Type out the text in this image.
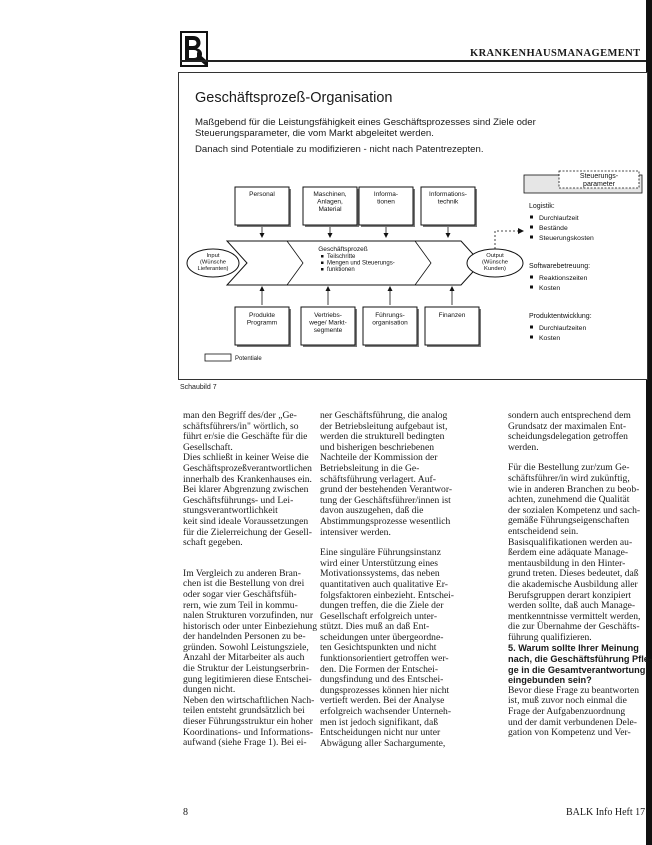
KRANKENHAUSMANAGEMENT
Geschäftsprozeß-Organisation
Maßgebend für die Leistungsfähigkeit eines Geschäftsprozesses sind Ziele oder
Steuerungsparameter, die vom Markt abgeleitet werden.
Danach sind Potentiale zu modifizieren - nicht nach Patentrezepten.
Personal	Maschinen,
Anlagen,
Material
Informa-
tionen
Informations-
technik
Produkte
Programm
Vertriebs-
wege/ Markt-
segmente
Führungs-
organisation
Finanzen
Geschäftsprozeß
Teilschritte
Mengen und Steuerungs-
funktionen
Input
(Wünsche
Lieferanten)
Output
(Wünsche
Kunden)
Potentiale
Steuerungs-
parameter
Logistik:
Durchlaufzeit
Bestände
Steuerungskosten
Softwarebetreuung:
Reaktionszeiten
Kosten
Produktentwicklung:
Durchlaufzeiten
Kosten
Schaubild 7

man den Begriff des/der „Ge-

schäftsführers/in" wörtlich, so

führt er/sie die Geschäfte für die

Gesellschaft.

Dies schließt in keiner Weise die

Geschäftsprozeßverantwortlichen

innerhalb des Krankenhauses ein.

Bei klarer Abgrenzung zwischen

Geschäftsführungs- und Lei-

stungsverantwortlichkeit

keit sind ideale Voraussetzungen

für die Zielerreichung der Gesell-

schaft gegeben.

Im Vergleich zu anderen Bran-

chen ist die Bestellung von drei

oder sogar vier Geschäftsfüh-

rern, wie zum Teil in kommu-

nalen Strukturen vorzufinden, nur

historisch oder unter Einbeziehung

der handelnden Personen zu be-

gründen. Sowohl Leistungsziele,

Anzahl der Mitarbeiter als auch

die Struktur der Leistungserbrin-

gung legitimieren diese Entschei-

dungen nicht.

Neben den wirtschaftlichen Nach-

teilen entsteht grundsätzlich bei

dieser Führungsstruktur ein hoher

Koordinations- und Informations-

aufwand (siehe Frage 1). Bei ei-

ner Geschäftsführung, die analog

der Betriebsleitung aufgebaut ist,

werden die strukturell bedingten

und bisherigen beschriebenen

Nachteile der Kommission der

Betriebsleitung in die Ge-

schäftsführung verlagert. Auf-

grund der bestehenden Verantwor-

tung der Geschäftsführer/innen ist

davon auszugehen, daß die

Abstimmungsprozesse wesentlich

intensiver werden.

Eine singuläre Führungsinstanz

wird einer Unterstützung eines

Motivationssystems, das neben

quantitativen auch qualitative Er-

folgsfaktoren einbezieht. Entschei-

dungen treffen, die die Ziele der

Gesellschaft erfolgreich unter-

stützt. Dies muß an daß Ent-

scheidungen unter übergeordne-

ten Gesichtspunkten und nicht

funktionsorientiert getroffen wer-

den. Die Formen der Entschei-

dungsfindung und des Entschei-

dungsprozesses können hier nicht

vertieft werden. Bei der Analyse

erfolgreich wachsender Unterneh-

men ist jedoch signifikant, daß

Entscheidungen nicht nur unter

Abwägung aller Sachargumente,

sondern auch entsprechend dem

Grundsatz der maximalen Ent-

scheidungsdelegation getroffen

werden.

Für die Bestellung zur/zum Ge-

schäftsführer/in wird zukünftig,

wie in anderen Branchen zu beob-

achten, zunehmend die Qualität

der sozialen Kompetenz und sach-

gemäße Führungseigenschaften

entscheidend sein.

Basisqualifikationen werden au-

ßerdem eine adäquate Manage-

mentausbildung in den Hinter-

grund treten. Dieses bedeutet, daß

die akademische Ausbildung aller

Berufsgruppen derart konzipiert

werden sollte, daß auch Manage-

mentkenntnisse vermittelt werden,

die zur Übernahme der Geschäfts-

führung qualifizieren.

5. Warum sollte Ihrer Meinung

nach, die Geschäftsführung Pfle-

ge in die Gesamtverantwortung

eingebunden sein?

Bevor diese Frage zu beantworten

ist, muß zuvor noch einmal die

Frage der Aufgabenzuordnung

und der damit verbundenen Dele-

gation von Kompetenz und Ver-

8	BALK Info Heft 17
